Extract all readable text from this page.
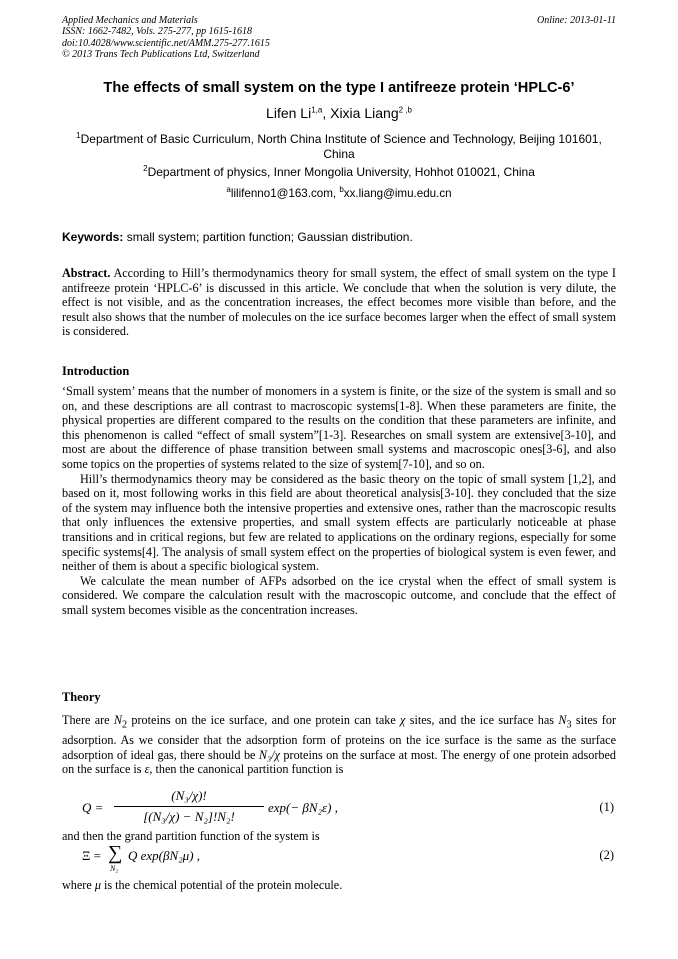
Applied Mechanics and Materials
ISSN: 1662-7482, Vols. 275-277, pp 1615-1618
doi:10.4028/www.scientific.net/AMM.275-277.1615
© 2013 Trans Tech Publications Ltd, Switzerland
Online: 2013-01-11
The effects of small system on the type I antifreeze protein ‘HPLC-6’
Lifen Li$^{1,a}$, Xixia Liang$^{2 ,b}$
$^1$Department of Basic Curriculum, North China Institute of Science and Technology, Beijing 101601, China
$^2$Department of physics, Inner Mongolia University, Hohhot 010021, China
$^a$lilifenno1@163.com, $^b$xx.liang@imu.edu.cn
Keywords: small system; partition function; Gaussian distribution.
Abstract. According to Hill’s thermodynamics theory for small system, the effect of small system on the type I antifreeze protein ‘HPLC-6’ is discussed in this article. We conclude that when the solution is very dilute, the effect is not visible, and as the concentration increases, the effect becomes more visible than before, and the result also shows that the number of molecules on the ice surface becomes larger when the effect of small system is considered.
Introduction

‘Small system’ means that the number of monomers in a system is finite, or the size of the system is small and so on, and these descriptions are all contrast to macroscopic systems[1-8]. When these parameters are finite, the physical properties are different compared to the results on the condition that these parameters are infinite, and this phenomenon is called “effect of small system”[1-3]. Researches on small system are extensive[3-10], and most are about the difference of phase transition between small systems and macroscopic ones[3-6], and also some topics on the properties of systems related to the size of system[7-10], and so on.

Hill’s thermodynamics theory may be considered as the basic theory on the topic of small system [1,2], and based on it, most following works in this field are about theoretical analysis[3-10]. they concluded that the size of the system may influence both the intensive properties and extensive ones, rather than the macroscopic results that only influences the extensive properties, and small system effects are particularly noticeable at phase transitions and in critical regions, but few are related to applications on the ordinary regions, especially for some specific systems[4]. The analysis of small system effect on the properties of biological system is even fewer, and neither of them is about a specific biological system.

We calculate the mean number of AFPs adsorbed on the ice crystal when the effect of small system is considered. We compare the calculation result with the macroscopic outcome, and conclude that the effect of small system becomes visible as the concentration increases.

Theory
There are $N_2$ proteins on the ice surface, and one protein can take χ sites, and the ice surface has $N_3$ sites for adsorption. As we consider that the adsorption form of proteins on the ice surface is the same as the surface adsorption of ideal gas, there should be N₃/χ proteins on the surface at most. The energy of one protein adsorbed on the surface is ε, then the canonical partition function is
$Q = \frac{\text{(N₃/χ)!}}{\text{[(N₃/χ) − N₂]!N₂!}} \exp(- \beta N_2\varepsilon)$ ,	(1)
and then the grand partition function of the system is
Ξ = ∑
N₂
Q exp(βN₂μ) ,	(2)
where μ is the chemical potential of the protein molecule.
